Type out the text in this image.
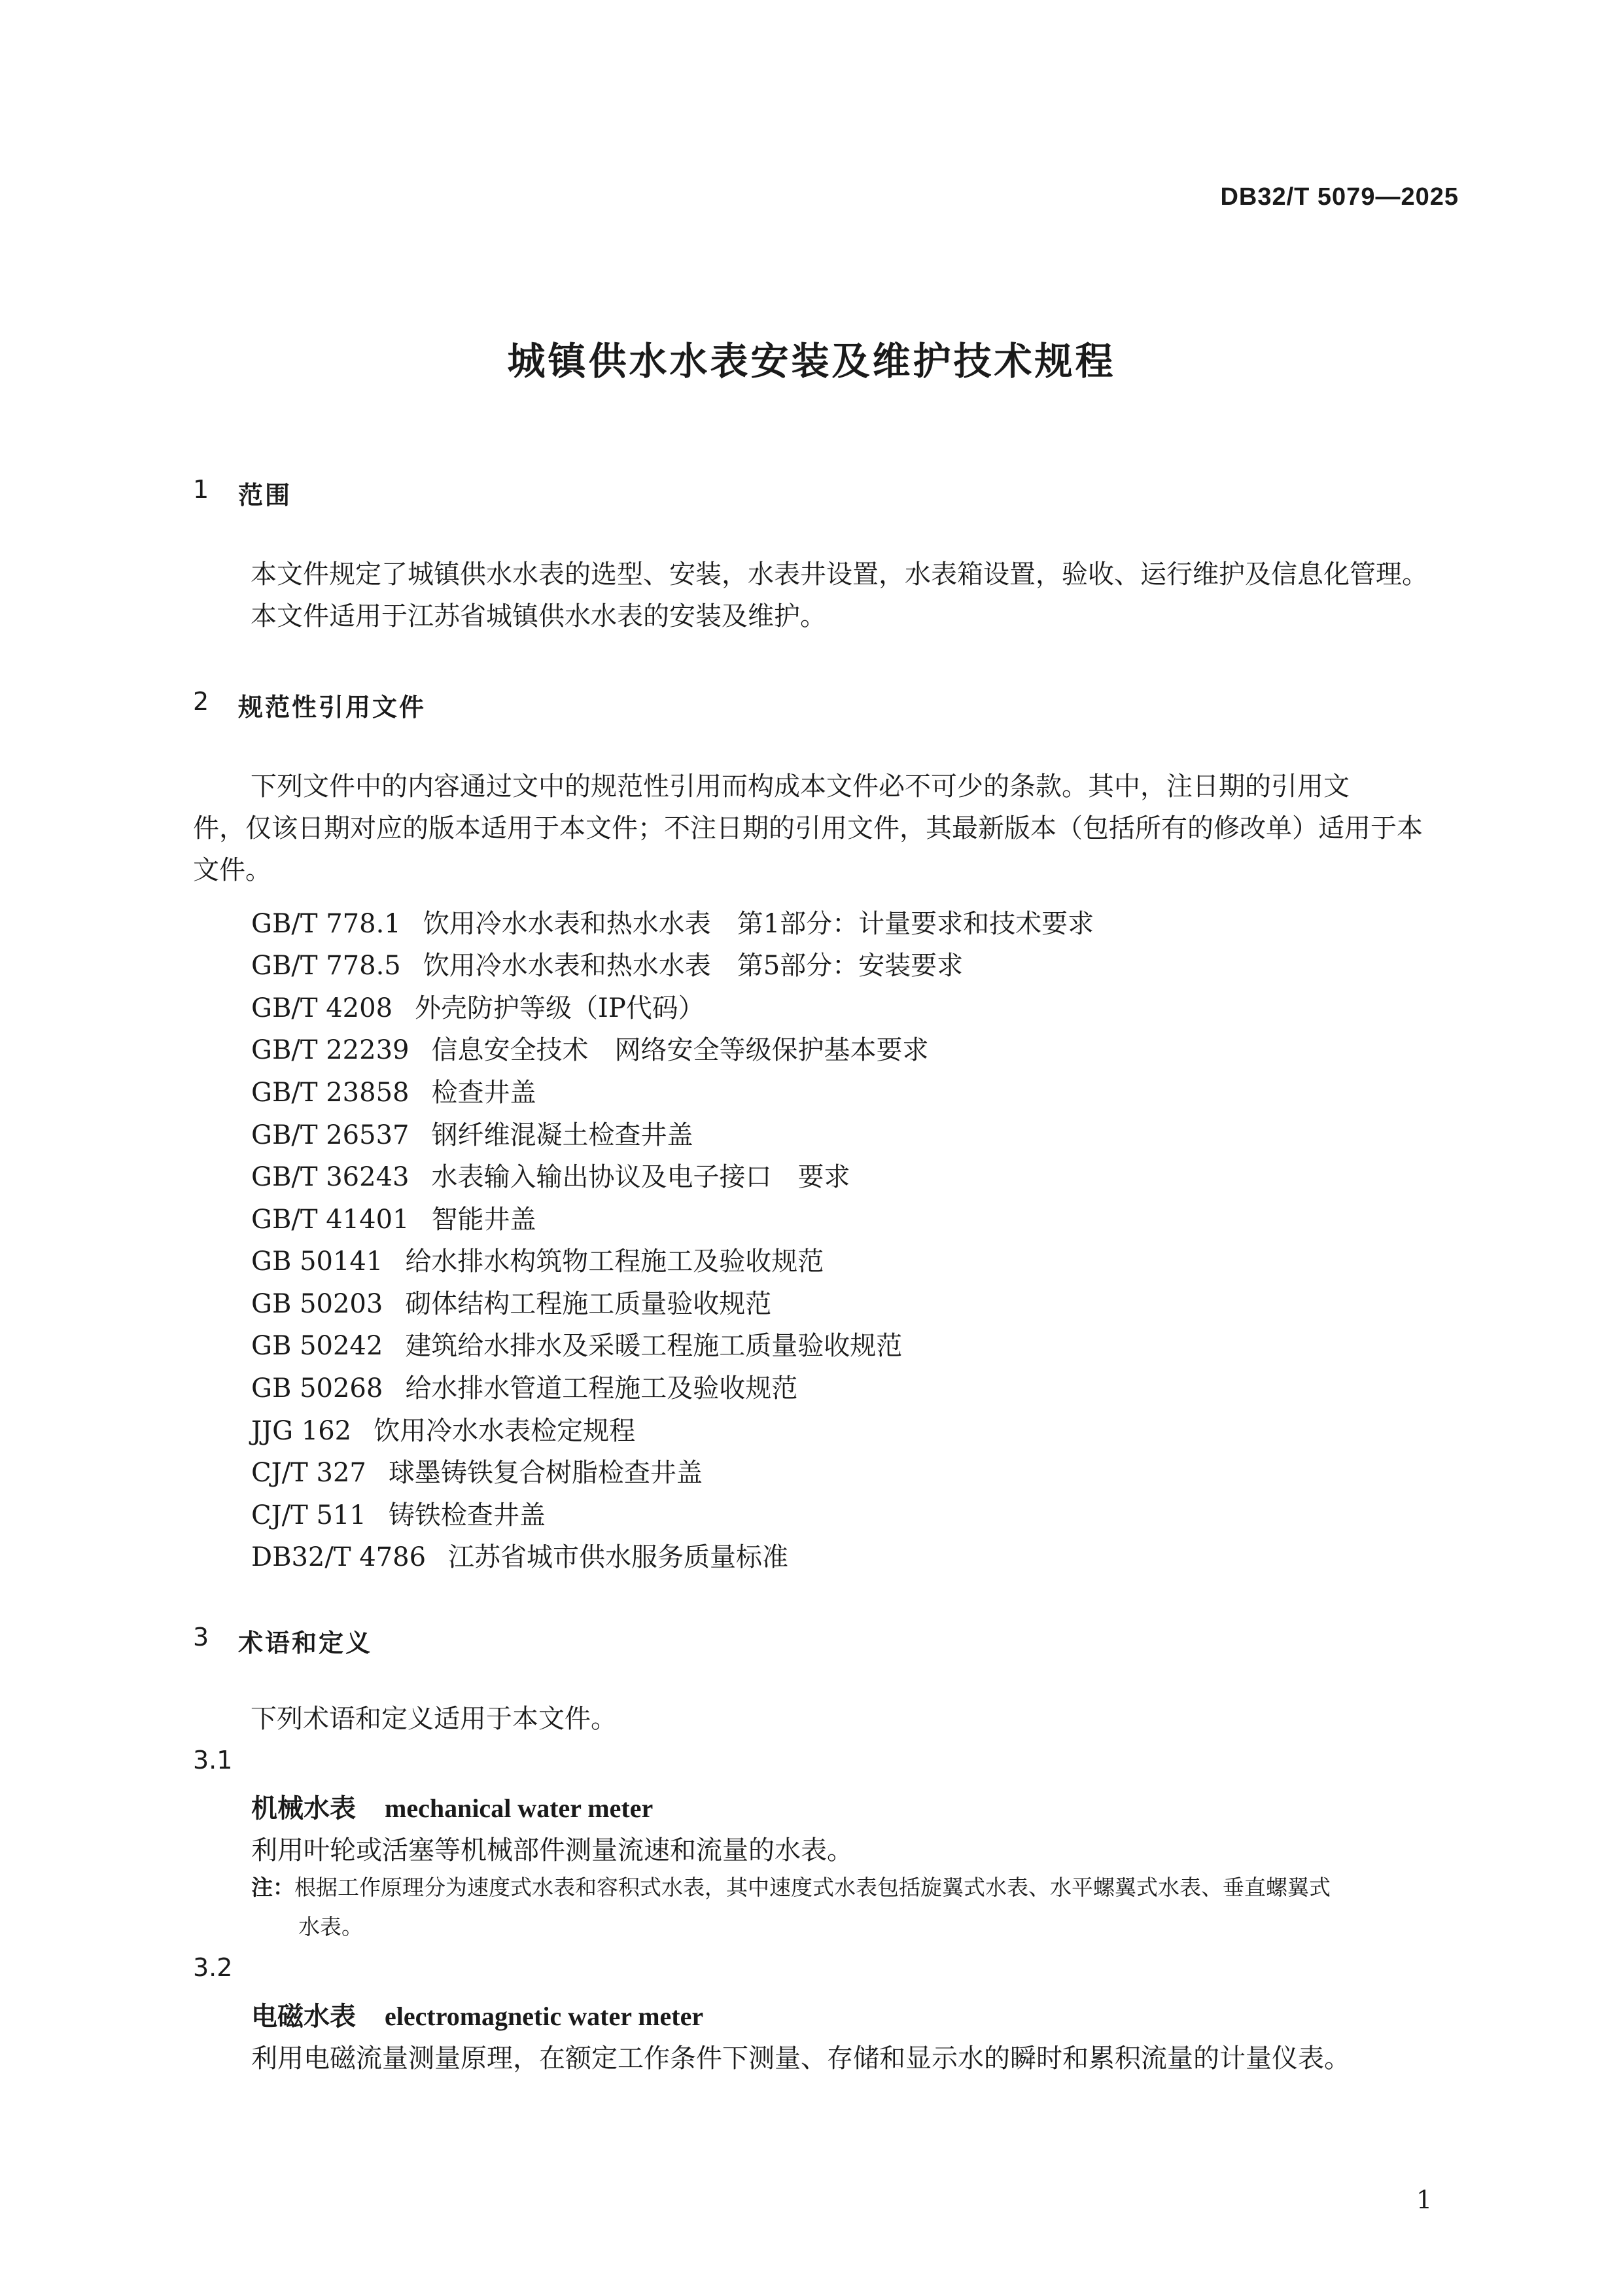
DB32/T 5079—2025
城镇供水水表安装及维护技术规程
1 范围
本文件规定了城镇供水水表的选型、安装，水表井设置，水表箱设置，验收、运行维护及信息化管理。
本文件适用于江苏省城镇供水水表的安装及维护。
2 规范性引用文件
下列文件中的内容通过文中的规范性引用而构成本文件必不可少的条款。其中，注日期的引用文
件，仅该日期对应的版本适用于本文件；不注日期的引用文件，其最新版本（包括所有的修改单）适用于本
文件。
GB/T 778.1 饮用冷水水表和热水水表　第1部分：计量要求和技术要求
GB/T 778.5 饮用冷水水表和热水水表　第5部分：安装要求
GB/T 4208 外壳防护等级（IP代码）
GB/T 22239 信息安全技术　网络安全等级保护基本要求
GB/T 23858 检查井盖
GB/T 26537 钢纤维混凝土检查井盖
GB/T 36243 水表输入输出协议及电子接口　要求
GB/T 41401 智能井盖
GB 50141 给水排水构筑物工程施工及验收规范
GB 50203 砌体结构工程施工质量验收规范
GB 50242 建筑给水排水及采暖工程施工质量验收规范
GB 50268 给水排水管道工程施工及验收规范
JJG 162 饮用冷水水表检定规程
CJ/T 327 球墨铸铁复合树脂检查井盖
CJ/T 511 铸铁检查井盖
DB32/T 4786 江苏省城市供水服务质量标准
3 术语和定义
下列术语和定义适用于本文件。
3.1
机械水表 mechanical water meter
利用叶轮或活塞等机械部件测量流速和流量的水表。
注：根据工作原理分为速度式水表和容积式水表，其中速度式水表包括旋翼式水表、水平螺翼式水表、垂直螺翼式
水表。
3.2
电磁水表 electromagnetic water meter
利用电磁流量测量原理，在额定工作条件下测量、存储和显示水的瞬时和累积流量的计量仪表。
1
